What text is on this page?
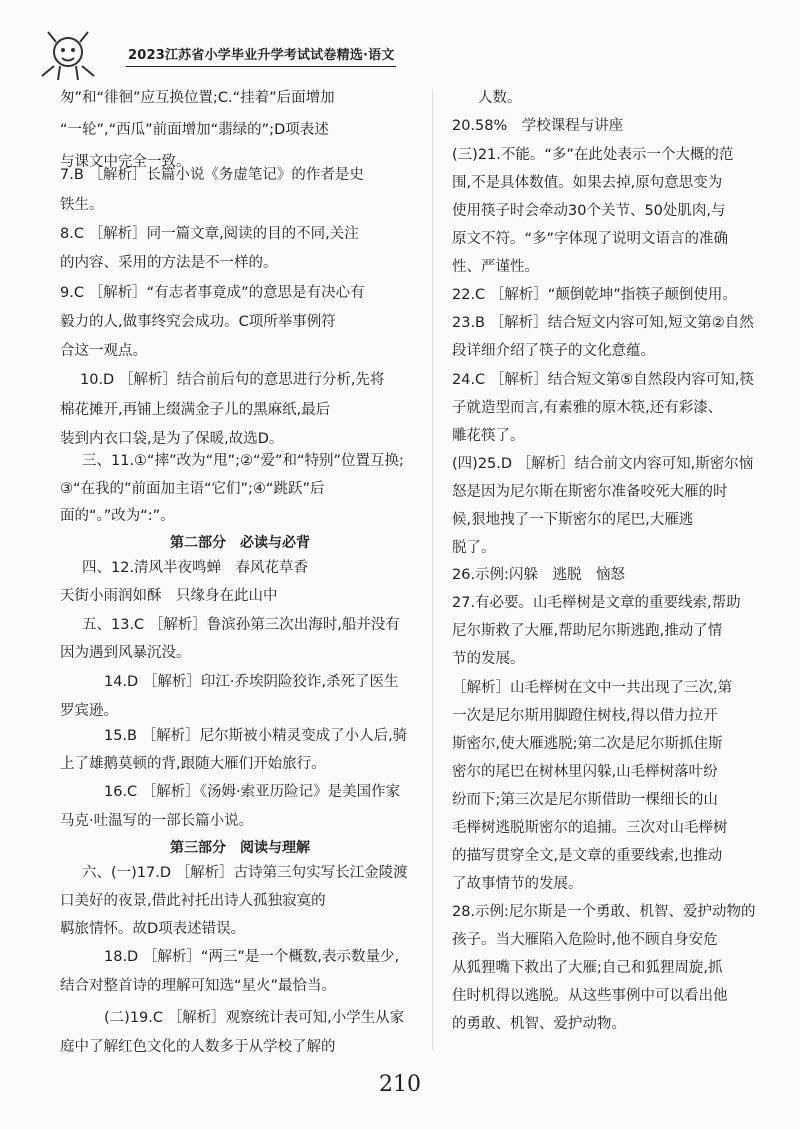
2023江苏省小学毕业升学考试试卷精选·语文
匆”和“徘徊”应互换位置;C.“挂着”后面增加
“一轮”,“西瓜”前面增加“翡绿的”;D项表述
与课文中完全一致。
7.B ［解析］长篇小说《务虚笔记》的作者是史
铁生。
8.C ［解析］同一篇文章,阅读的目的不同,关注
的内容、采用的方法是不一样的。
9.C ［解析］“有志者事竟成”的意思是有决心有
毅力的人,做事终究会成功。C项所举事例符
合这一观点。
10.D ［解析］结合前后句的意思进行分析,先将
棉花摊开,再铺上缀满金子儿的黑麻纸,最后
装到内衣口袋,是为了保暖,故选D。
三、11.①“摔”改为“甩”;②“爱”和“特别”位置互换;
③“在我的”前面加主语“它们”;④“跳跃”后
面的“。”改为“:”。
第二部分　必读与必背
四、12.清风半夜鸣蝉　春风花草香
天街小雨润如酥　只缘身在此山中
五、13.C ［解析］鲁滨孙第三次出海时,船并没有
因为遇到风暴沉没。
14.D ［解析］印江·乔埃阴险狡诈,杀死了医生
罗宾逊。
15.B ［解析］尼尔斯被小精灵变成了小人后,骑
上了雄鹅莫顿的背,跟随大雁们开始旅行。
16.C ［解析］《汤姆·索亚历险记》是美国作家
马克·吐温写的一部长篇小说。
第三部分　阅读与理解
六、(一)17.D ［解析］古诗第三句实写长江金陵渡
口美好的夜景,借此衬托出诗人孤独寂寞的
羁旅情怀。故D项表述错误。
18.D ［解析］“两三”是一个概数,表示数量少,
结合对整首诗的理解可知选“星火”最恰当。
(二)19.C ［解析］观察统计表可知,小学生从家
庭中了解红色文化的人数多于从学校了解的
人数。
20.58%　学校课程与讲座
(三)21.不能。“多”在此处表示一个大概的范
围,不是具体数值。如果去掉,原句意思变为
使用筷子时会牵动30个关节、50处肌肉,与
原文不符。“多”字体现了说明文语言的准确
性、严谨性。
22.C ［解析］“颠倒乾坤”指筷子颠倒使用。
23.B ［解析］结合短文内容可知,短文第②自然
段详细介绍了筷子的文化意蕴。
24.C ［解析］结合短文第⑤自然段内容可知,筷
子就造型而言,有素雅的原木筷,还有彩漆、
雕花筷了。
(四)25.D ［解析］结合前文内容可知,斯密尔恼
怒是因为尼尔斯在斯密尔准备咬死大雁的时
候,狠地拽了一下斯密尔的尾巴,大雁逃
脱了。
26.示例:闪躲　逃脱　恼怒
27.有必要。山毛榉树是文章的重要线索,帮助
尼尔斯救了大雁,帮助尼尔斯逃跑,推动了情
节的发展。
［解析］山毛榉树在文中一共出现了三次,第
一次是尼尔斯用脚蹬住树枝,得以借力拉开
斯密尔,使大雁逃脱;第二次是尼尔斯抓住斯
密尔的尾巴在树林里闪躲,山毛榉树落叶纷
纷而下;第三次是尼尔斯借助一棵细长的山
毛榉树逃脱斯密尔的追捕。三次对山毛榉树
的描写贯穿全文,是文章的重要线索,也推动
了故事情节的发展。
28.示例:尼尔斯是一个勇敢、机智、爱护动物的
孩子。当大雁陷入危险时,他不顾自身安危
从狐狸嘴下救出了大雁;自己和狐狸周旋,抓
住时机得以逃脱。从这些事例中可以看出他
的勇敢、机智、爱护动物。
210
